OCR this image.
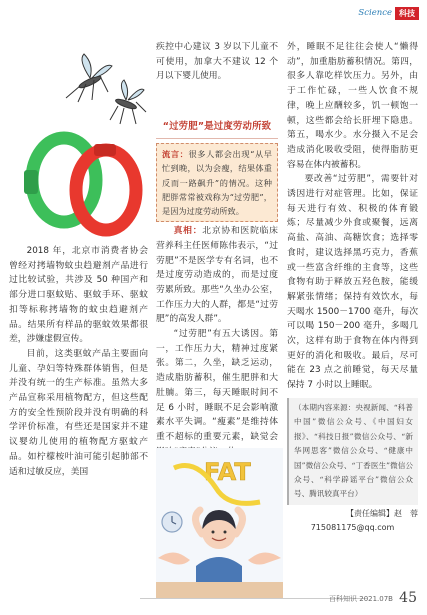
Science 科技

2018 年，北京市消费者协会曾经对拷墙物蚊虫趋避剂产品进行过比较试验，共涉及 50 种国产和部分进口驱蚊贴、驱蚊手环、驱蚊扣等标称拷墙物的蚊虫趋避剂产品。结果所有样品的驱蚊效果都很差，涉嫌虚假宣传。

目前，这类驱蚊产品主要面向儿童、孕妇等特殊群体销售，但是并没有统一的生产标准。虽然大多产品宣称采用植物配方，但这些配方的安全性预阶段并没有明确的科学评价标准，有些还是国家并不建议婴幼儿使用的植物配方驱蚊产品。如柠檬桉叶油可能引起肺部不适和过敏反应，美国

疾控中心建议 3 岁以下儿童不可使用，加拿大不建议 12 个月以下婴儿使用。

“过劳肥”是过度劳动所致
流言：很多人都会出现“从早忙到晚，以为会瘦，结果体重反而一路飙升”的情况。这种肥胖常常被戏称为“过劳肥”，是因为过度劳动所致。

真相：北京协和医院临床营养科主任医师陈伟表示，“过劳肥”不是医学专有名词，也不是过度劳动造成的，而是过度劳累所致。那些“久坐办公室，工作压力大的人群，都是“过劳肥”的高发人群”。

“过劳肥”有五大诱因。第一，工作压力大，精神过度紧张。第二，久坐，缺乏运动，造成脂肪蓄积，催生肥胖和大肚腩。第三，每天睡眠时间不足 6 小时，睡眠不足会影响激素水平失调。“瘦素”是维持体重不超标的重要元素，缺觉会

外，睡眠不足往往会使人“懒得动”，加重脂肪蓄积情况。第四，很多人靠吃样饮压力。另外，由于工作忙碌，一些人饮食不规律，晚上应酬较多，饥一顿饱一顿，这些都会给长肝埋下隐患。第五，喝水少。水分摄入不足会造成消化吸收受阻，使得脂肪更容易在体内被蓄积。

要改善“过劳肥”，需要针对诱因进行对症管理。比如，保证每天进行有效、积极的体育锻炼；尽量减少外食或聚餐，远离高盐、高油、高糖饮食；选择零食时，建议选择黑巧克力，香蕉或一些富含纤维的主食等，这些食物有助于释放五羟色胺，能缓解紧张情绪；保持有效饮水，每天喝水 1500－1700 毫升，每次可以喝 150－200 毫升，多喝几次，这样有助于食物在体内得到更好的消化和吸收。最后，尽可能在 23 点之前睡觉，每天尽量保持 7 小时以上睡眠。

（本期内容来源：央视新闻、“科普中国”微信公众号、《中国妇女报》、“科技日报”微信公众号、“新华网思客”微信公众号、“健康中国”微信公众号、“丁香医生”微信公众号、“科学辟谣平台”微信公众号、腾讯较真平台）
【责任编辑】赵　蓉
715081175@qq.com
FAT
百科知识 2021.07B 45
